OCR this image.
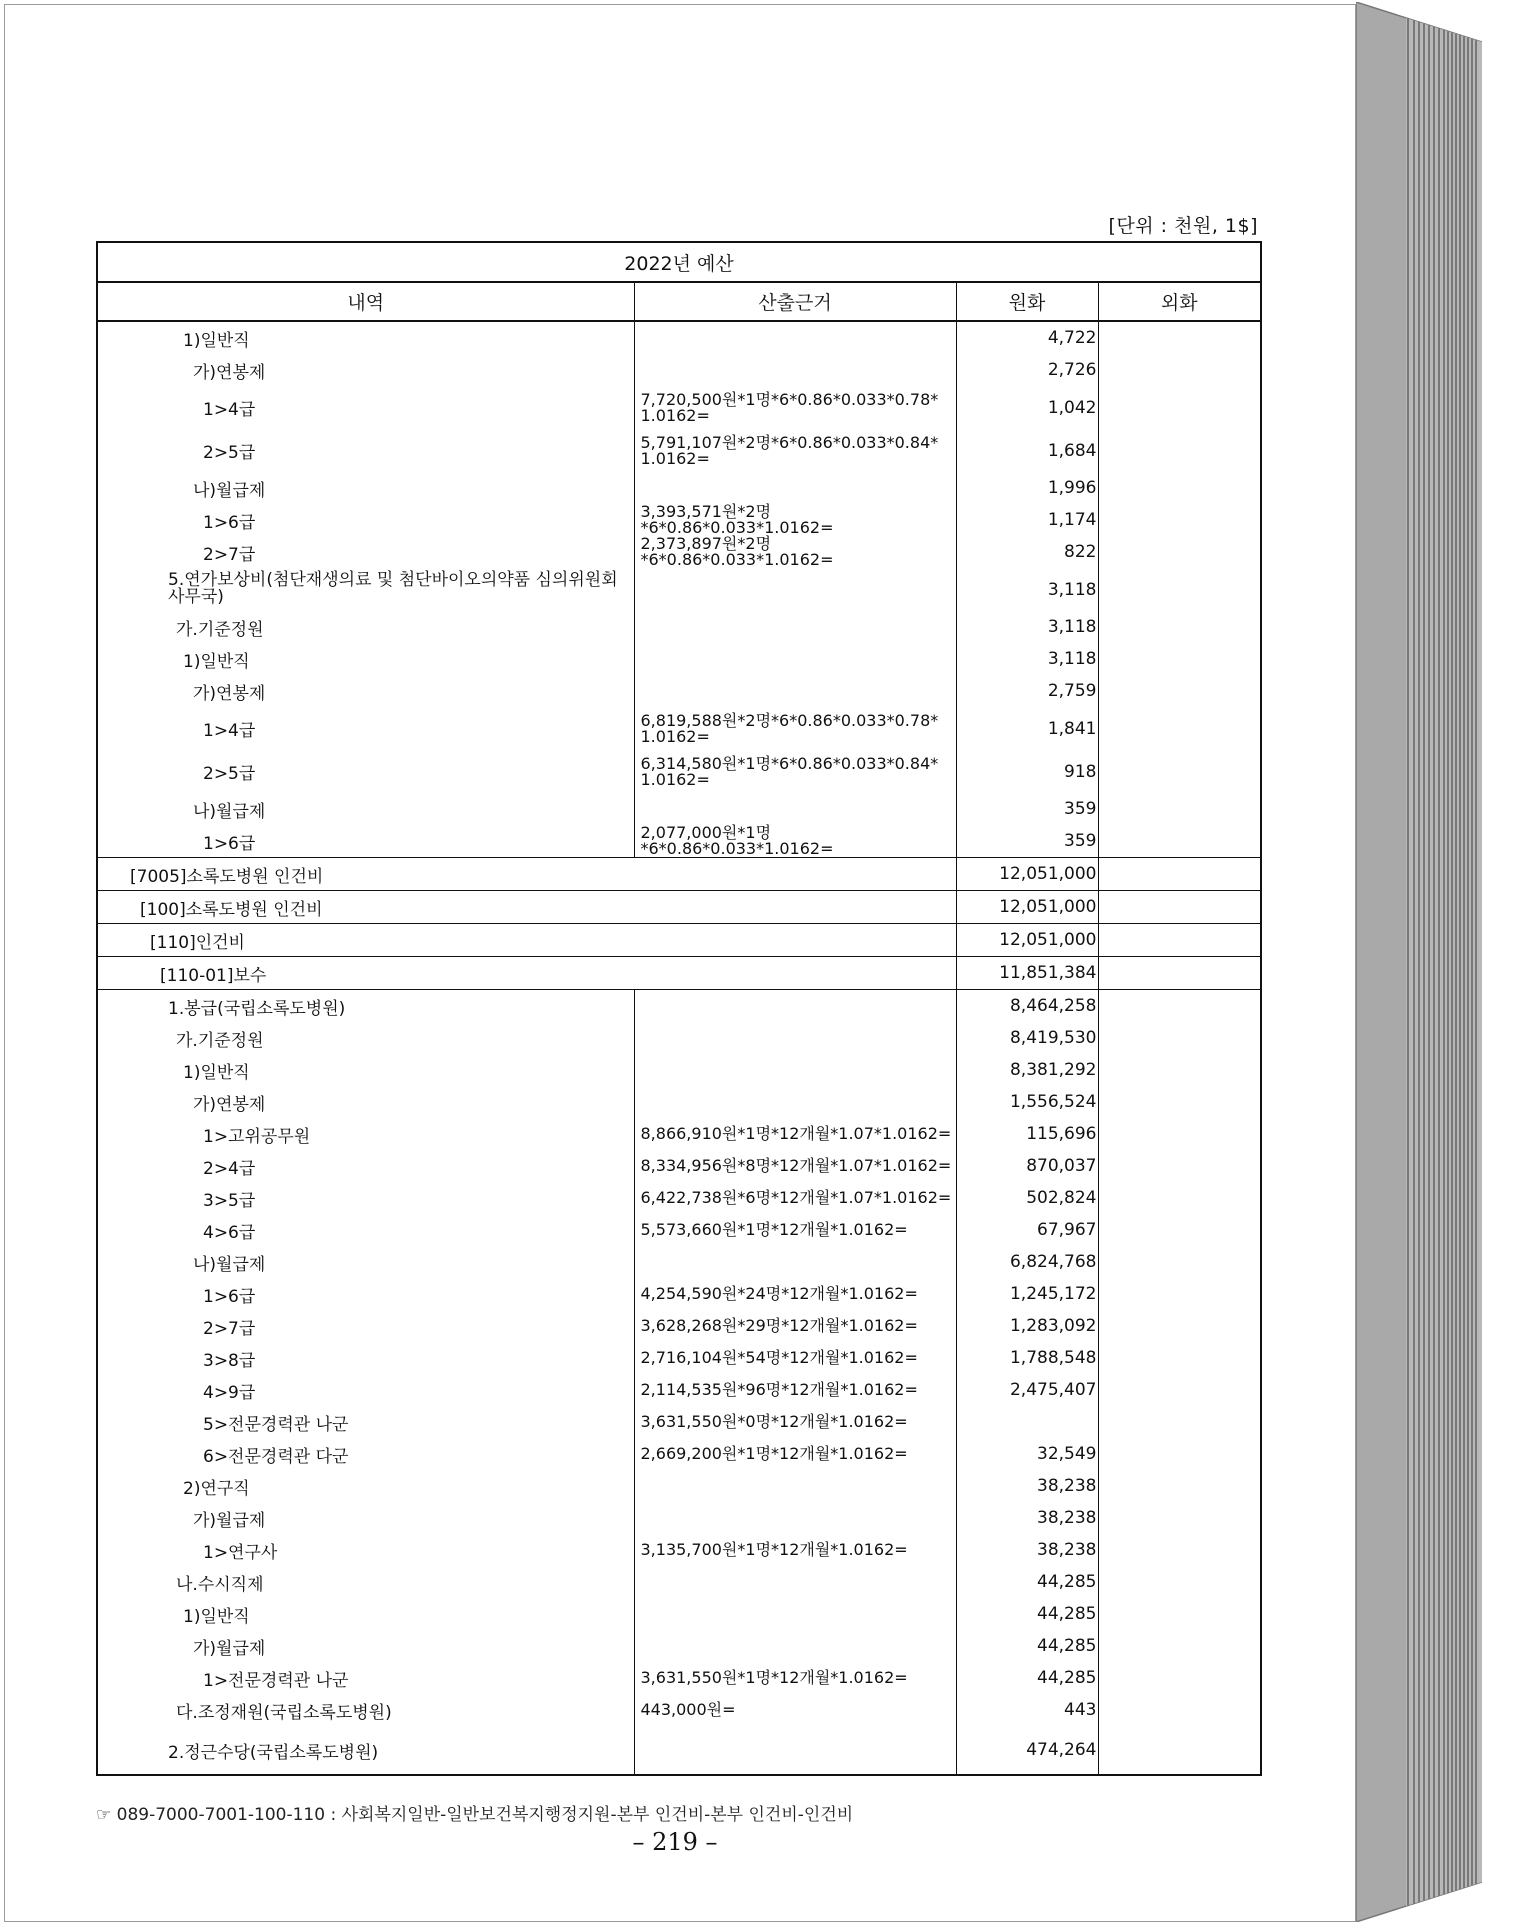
[단위 : 천원, 1$]
2022년 예산			
내역	산출근거	원화	외화
1)일반직		4,722	
가)연봉제		2,726	
1>4급	7,720,500원*1명*6*0.86*0.033*0.78*
1.0162=	1,042	
2>5급	5,791,107원*2명*6*0.86*0.033*0.84*
1.0162=	1,684	
나)월급제		1,996	
1>6급	3,393,571원*2명*6*0.86*0.033*1.0162=	1,174	
2>7급	2,373,897원*2명*6*0.86*0.033*1.0162=	822	
5.연가보상비(첨단재생의료 및 첨단바이오의약품 심의위원회 사무국)		3,118	
가.기준정원		3,118	
1)일반직		3,118	
가)연봉제		2,759	
1>4급	6,819,588원*2명*6*0.86*0.033*0.78*
1.0162=	1,841	
2>5급	6,314,580원*1명*6*0.86*0.033*0.84*
1.0162=	918	
나)월급제		359	
1>6급	2,077,000원*1명*6*0.86*0.033*1.0162=	359	
[7005]소록도병원 인건비		12,051,000	
[100]소록도병원 인건비		12,051,000	
[110]인건비		12,051,000	
[110-01]보수		11,851,384	
1.봉급(국립소록도병원)		8,464,258	
가.기준정원		8,419,530	
1)일반직		8,381,292	
가)연봉제		1,556,524	
1>고위공무원	8,866,910원*1명*12개월*1.07*1.0162=	115,696	
2>4급	8,334,956원*8명*12개월*1.07*1.0162=	870,037	
3>5급	6,422,738원*6명*12개월*1.07*1.0162=	502,824	
4>6급	5,573,660원*1명*12개월*1.0162=	67,967	
나)월급제		6,824,768	
1>6급	4,254,590원*24명*12개월*1.0162=	1,245,172	
2>7급	3,628,268원*29명*12개월*1.0162=	1,283,092	
3>8급	2,716,104원*54명*12개월*1.0162=	1,788,548	
4>9급	2,114,535원*96명*12개월*1.0162=	2,475,407	
5>전문경력관 나군	3,631,550원*0명*12개월*1.0162=		
6>전문경력관 다군	2,669,200원*1명*12개월*1.0162=	32,549	
2)연구직		38,238	
가)월급제		38,238	
1>연구사	3,135,700원*1명*12개월*1.0162=	38,238	
나.수시직제		44,285	
1)일반직		44,285	
가)월급제		44,285	
1>전문경력관 나군	3,631,550원*1명*12개월*1.0162=	44,285	
다.조정재원(국립소록도병원)	443,000원=	443	
2.정근수당(국립소록도병원)		474,264	
☞ 089-7000-7001-100-110 : 사회복지일반-일반보건복지행정지원-본부 인건비-본부 인건비-인건비
– 219 –
